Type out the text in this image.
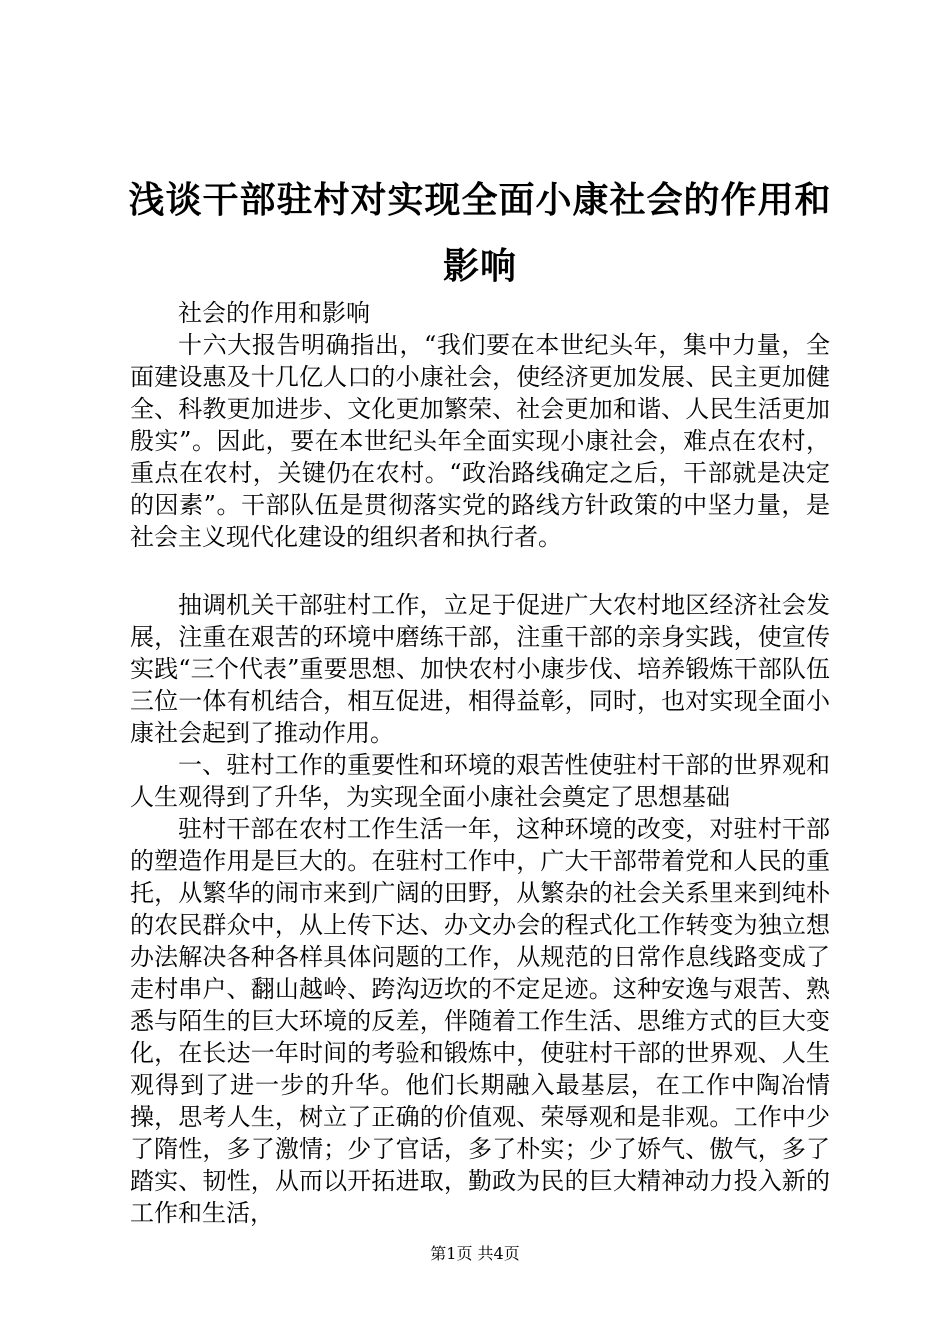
浅谈干部驻村对实现全面小康社会的作用和影响

社会的作用和影响

十六大报告明确指出，“我们要在本世纪头年，集中力量，全面建设惠及十几亿人口的小康社会，使经济更加发展、民主更加健全、科教更加进步、文化更加繁荣、社会更加和谐、人民生活更加殷实”。因此，要在本世纪头年全面实现小康社会，难点在农村，重点在农村，关键仍在农村。“政治路线确定之后，干部就是决定的因素”。干部队伍是贯彻落实党的路线方针政策的中坚力量，是社会主义现代化建设的组织者和执行者。

抽调机关干部驻村工作，立足于促进广大农村地区经济社会发展，注重在艰苦的环境中磨练干部，注重干部的亲身实践，使宣传实践“三个代表”重要思想、加快农村小康步伐、培养锻炼干部队伍三位一体有机结合，相互促进，相得益彰，同时，也对实现全面小康社会起到了推动作用。

一、驻村工作的重要性和环境的艰苦性使驻村干部的世界观和人生观得到了升华，为实现全面小康社会奠定了思想基础

驻村干部在农村工作生活一年，这种环境的改变，对驻村干部的塑造作用是巨大的。在驻村工作中，广大干部带着党和人民的重托，从繁华的闹市来到广阔的田野，从繁杂的社会关系里来到纯朴的农民群众中，从上传下达、办文办会的程式化工作转变为独立想办法解决各种各样具体问题的工作，从规范的日常作息线路变成了走村串户、翻山越岭、跨沟迈坎的不定足迹。这种安逸与艰苦、熟悉与陌生的巨大环境的反差，伴随着工作生活、思维方式的巨大变化，在长达一年时间的考验和锻炼中，使驻村干部的世界观、人生观得到了进一步的升华。他们长期融入最基层，在工作中陶冶情操，思考人生，树立了正确的价值观、荣辱观和是非观。工作中少了隋性，多了激情；少了官话，多了朴实；少了娇气、傲气，多了踏实、韧性，从而以开拓进取，勤政为民的巨大精神动力投入新的工作和生活，

第1页 共4页
